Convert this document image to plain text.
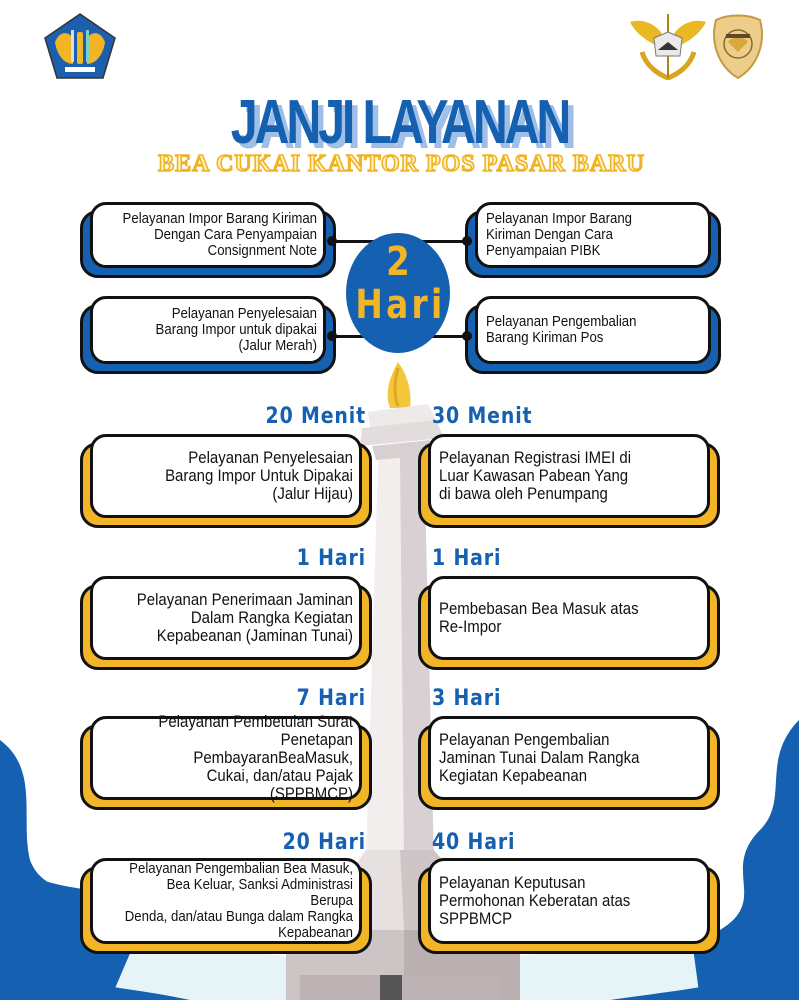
JANJI LAYANAN
BEA CUKAI KANTOR POS PASAR BARU
2
Hari
Pelayanan Impor Barang Kiriman
Dengan Cara Penyampaian
Consignment Note
Pelayanan Impor Barang
Kiriman Dengan Cara
Penyampaian PIBK
Pelayanan Penyelesaian
Barang Impor untuk dipakai
(Jalur Merah)
Pelayanan Pengembalian
Barang Kiriman Pos
20 Menit	30 Menit
Pelayanan Penyelesaian
Barang Impor Untuk Dipakai
(Jalur Hijau)
Pelayanan Registrasi IMEI di
Luar Kawasan Pabean Yang
di bawa oleh Penumpang
1 Hari	1 Hari
Pelayanan Penerimaan Jaminan
Dalam Rangka Kegiatan
Kepabeanan (Jaminan Tunai)
Pembebasan Bea Masuk atas
Re-Impor
7 Hari	3 Hari
Pelayanan Pembetulan Surat
Penetapan PembayaranBeaMasuk,
Cukai, dan/atau Pajak (SPPBMCP)
Pelayanan Pengembalian
Jaminan Tunai Dalam Rangka
Kegiatan Kepabeanan
20 Hari	40 Hari
Pelayanan Pengembalian Bea Masuk,
Bea Keluar, Sanksi Administrasi Berupa
Denda, dan/atau Bunga dalam Rangka
Kepabeanan
Pelayanan Keputusan
Permohonan Keberatan atas
SPPBMCP
